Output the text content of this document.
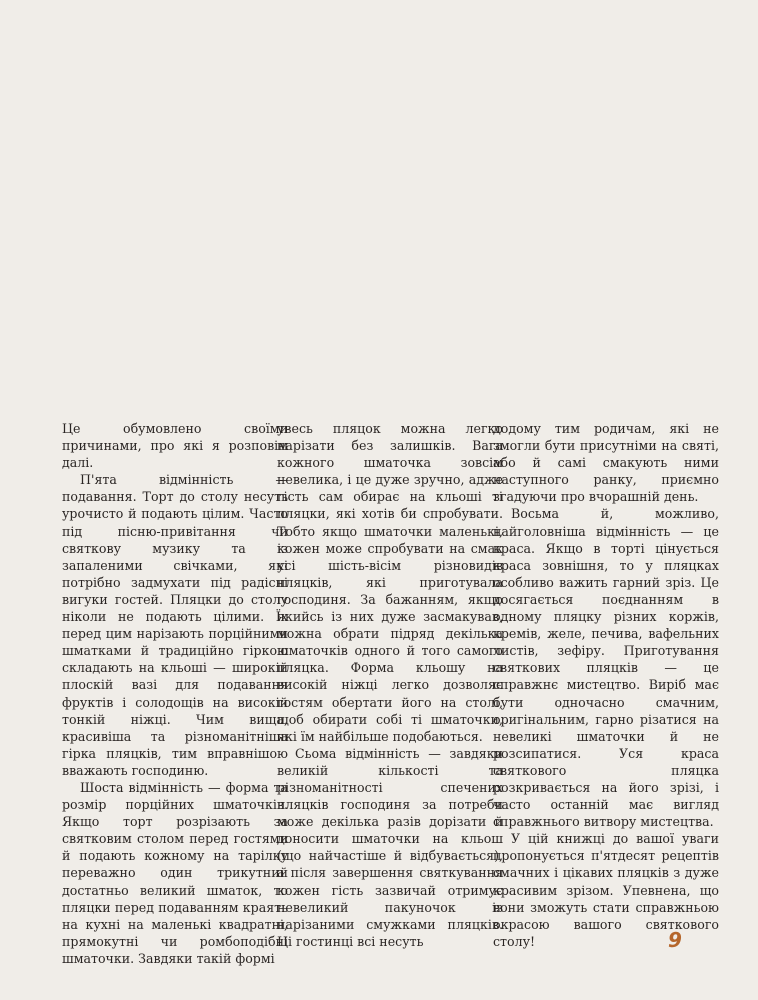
Це обумовлено своїми причинами, про які я розповім далі.

П'ята відмінність — подавання. Торт до столу несуть урочисто й подають цілим. Часто під пісню-привітання чи святкову музику та із запаленими свічками, які потрібно задмухати під радісні вигуки гостей. Пляцки до столу ніколи не подають цілими. Їх перед цим нарізають порційними шматками й традиційно гіркою складають на кльоші — широкій плоскій вазі для подавання фруктів і солодощів на високій тонкій ніжці. Чим вища, красивіша та різноманітніша гірка пляцків, тим вправнішою вважають господиню.

Шоста відмінність — форма та розмір порційних шматочків. Якщо торт розрізають за святковим столом перед гостями й подають кожному на тарілку переважно один трикутний достатньо великий шматок, то пляцки перед подаванням краять на кухні на маленькі квадратні, прямокутні чи ромбоподібні шматочки. Завдяки такій формі

увесь пляцок можна легко нарізати без залишків. Вага кожного шматочка зовсім невелика, і це дуже зручно, адже гість сам обирає на кльоші ті пляцки, які хотів би спробувати. Тобто якщо шматочки маленькі, кожен може спробувати на смак усі шість-вісім різновидів пляцків, які приготувала господиня. За бажанням, якщо якийсь із них дуже засмакував, можна обрати підряд декілька шматочків одного й того самого пляцка. Форма кльошу на високій ніжці легко дозволяє гостям обертати його на столі, щоб обирати собі ті шматочки, які їм найбільше подобаються.

Сьома відмінність — завдяки великій кількості та різноманітності спечених пляцків господиня за потреби може декілька разів дорізати й доносити шматочки на кльош (що найчастіше й відбувається), а після завершення святкування кожен гість зазвичай отримує невеликий пакуночок із нарізаними смужками пляцків. Ці гостинці всі несуть

додому тим родичам, які не змогли бути присутніми на святі, або й самі смакують ними наступного ранку, приємно згадуючи про вчорашній день.

Восьма й, можливо, найголовніша відмінність — це краса. Якщо в торті цінується краса зовнішня, то у пляцках особливо важить гарний зріз. Це досягається поєднанням в одному пляцку різних коржів, кремів, желе, печива, вафельних листів, зефіру. Приготування святкових пляцків — це справжнє мистецтво. Виріб має бути одночасно смачним, оригінальним, гарно різатися на невеликі шматочки й не розсипатися. Уся краса святкового пляцка розкривається на його зрізі, і часто останній має вигляд справжнього витвору мистецтва.

У цій книжці до вашої уваги пропонується п'ятдесят рецептів смачних і цікавих пляцків з дуже красивим зрізом. Упевнена, що вони зможуть стати справжньою окрасою вашого святкового столу!	9
